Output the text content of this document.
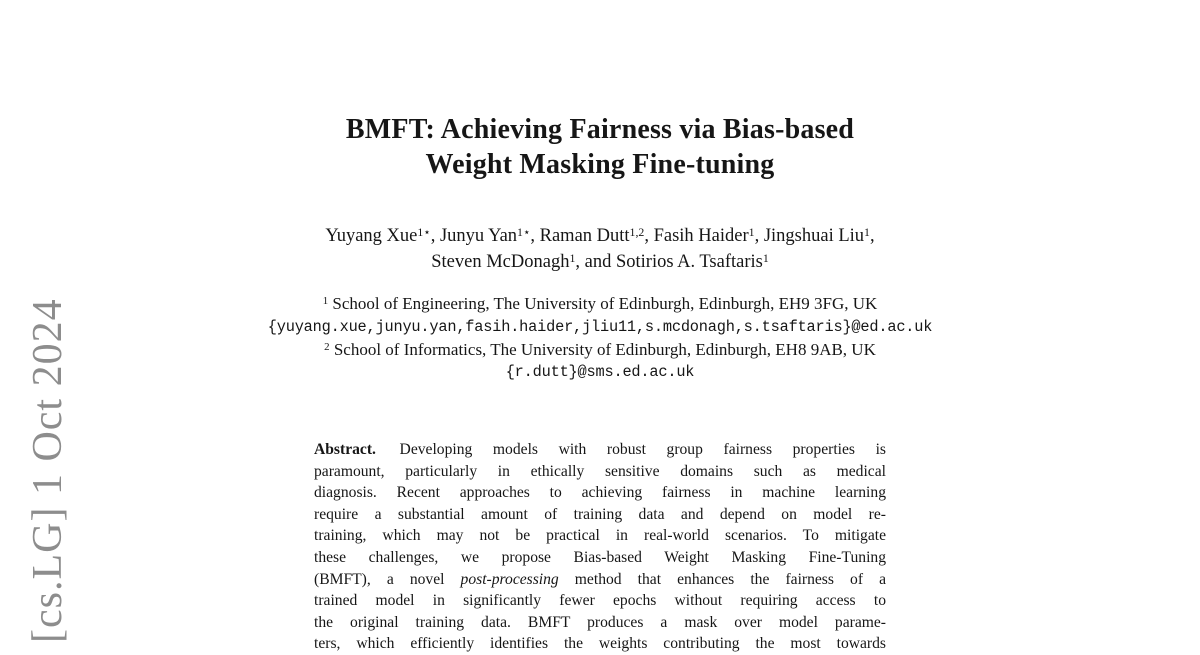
[cs.LG] 1 Oct 2024
BMFT: Achieving Fairness via Bias-based
Weight Masking Fine-tuning
Yuyang Xue$^{1⋆}$, Junyu Yan$^{1⋆}$, Raman Dutt$^{1,2}$, Fasih Haider$^1$, Jingshuai Liu$^1$,
Steven McDonagh$^1$, and Sotirios A. Tsaftaris$^1$
$^1$ School of Engineering, The University of Edinburgh, Edinburgh, EH9 3FG, UK
{yuyang.xue,junyu.yan,fasih.haider,jliu11,s.mcdonagh,s.tsaftaris}@ed.ac.uk
$^2$ School of Informatics, The University of Edinburgh, Edinburgh, EH8 9AB, UK
{r.dutt}@sms.ed.ac.uk
Abstract. Developing models with robust group fairness properties is
paramount, particularly in ethically sensitive domains such as medical
diagnosis. Recent approaches to achieving fairness in machine learning
require a substantial amount of training data and depend on model re-
training, which may not be practical in real-world scenarios. To mitigate
these challenges, we propose Bias-based Weight Masking Fine-Tuning
(BMFT), a novel post-processing method that enhances the fairness of a
trained model in significantly fewer epochs without requiring access to
the original training data. BMFT produces a mask over model parame-
ters, which efficiently identifies the weights contributing the most towards
